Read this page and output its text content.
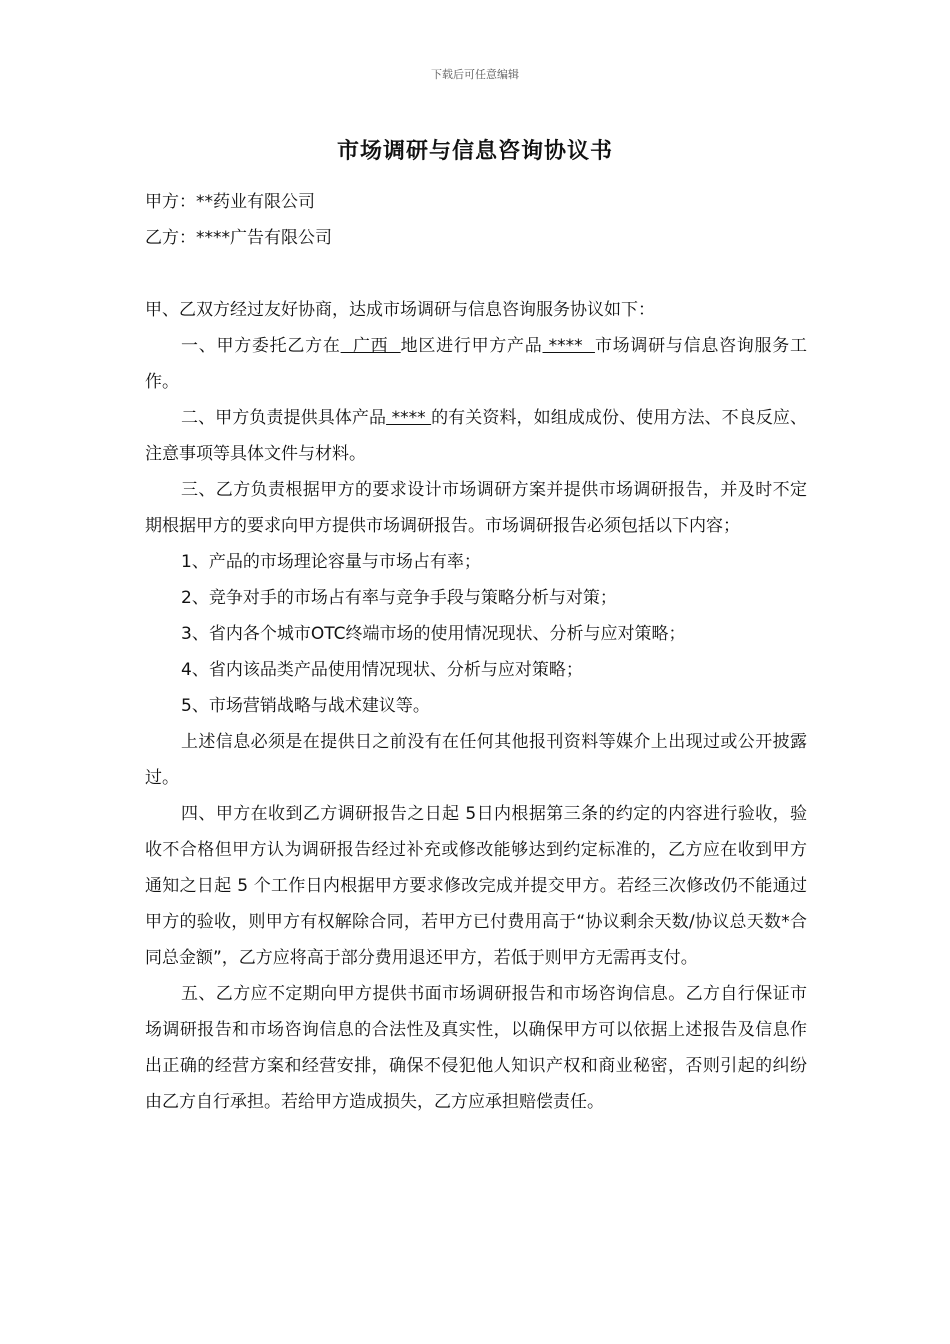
下载后可任意编辑
市场调研与信息咨询协议书
甲方：**药业有限公司
乙方：****广告有限公司
甲、乙双方经过友好协商，达成市场调研与信息咨询服务协议如下：
一、甲方委托乙方在  广西  地区进行甲方产品 ****  市场调研与信息咨询服务工作。
二、甲方负责提供具体产品 **** 的有关资料，如组成成份、使用方法、不良反应、注意事项等具体文件与材料。
三、乙方负责根据甲方的要求设计市场调研方案并提供市场调研报告，并及时不定期根据甲方的要求向甲方提供市场调研报告。市场调研报告必须包括以下内容；
1、产品的市场理论容量与市场占有率；
2、竞争对手的市场占有率与竞争手段与策略分析与对策；
3、省内各个城市OTC终端市场的使用情况现状、分析与应对策略；
4、省内该品类产品使用情况现状、分析与应对策略；
5、市场营销战略与战术建议等。
上述信息必须是在提供日之前没有在任何其他报刊资料等媒介上出现过或公开披露过。
四、甲方在收到乙方调研报告之日起 5日内根据第三条的约定的内容进行验收，验收不合格但甲方认为调研报告经过补充或修改能够达到约定标准的，乙方应在收到甲方通知之日起 5 个工作日内根据甲方要求修改完成并提交甲方。若经三次修改仍不能通过甲方的验收，则甲方有权解除合同，若甲方已付费用高于“协议剩余天数/协议总天数*合同总金额”，乙方应将高于部分费用退还甲方，若低于则甲方无需再支付。
五、乙方应不定期向甲方提供书面市场调研报告和市场咨询信息。乙方自行保证市场调研报告和市场咨询信息的合法性及真实性，以确保甲方可以依据上述报告及信息作出正确的经营方案和经营安排，确保不侵犯他人知识产权和商业秘密，否则引起的纠纷由乙方自行承担。若给甲方造成损失，乙方应承担赔偿责任。
